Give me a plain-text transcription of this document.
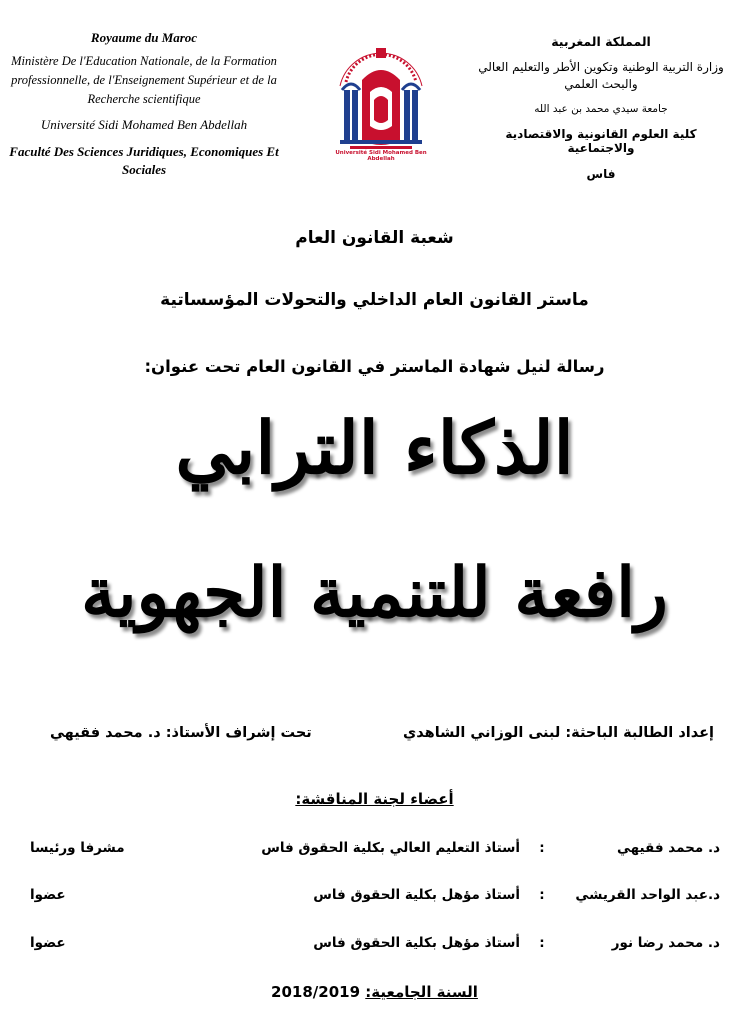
Royaume du Maroc
Ministère De l'Education Nationale, de la Formation professionnelle, de l'Enseignement Supérieur et de la Recherche scientifique
Université Sidi Mohamed Ben Abdellah
Faculté Des Sciences Juridiques, Economiques Et Sociales
Université Sidi Mohamed Ben Abdellah
المملكة المغربية
وزارة التربية الوطنية وتكوين الأطر والتعليم العالي والبحث العلمي
جامعة سيدي محمد بن عبد الله
كلية العلوم القانونية والاقتصادية والاجتماعية
فاس
شعبة القانون العام
ماستر القانون العام الداخلي والتحولات المؤسساتية
رسالة لنيل شهادة الماستر في القانون العام تحت عنوان:
الذكاء الترابي
رافعة للتنمية الجهوية
إعداد الطالبة الباحثة: لبنى الوزاني الشاهدي
تحت إشراف الأستاذ: د. محمد فقيهي
أعضاء لجنة المناقشة:
د. محمد فقيهي
:
أستاذ التعليم العالي بكلية الحقوق فاس
مشرفا ورئيسا
د.عبد الواحد القريشي
:
أستاذ مؤهل بكلية الحقوق فاس
عضوا
د. محمد رضا نور
:
أستاذ مؤهل بكلية الحقوق فاس
عضوا
السنة الجامعية: 2018/2019
